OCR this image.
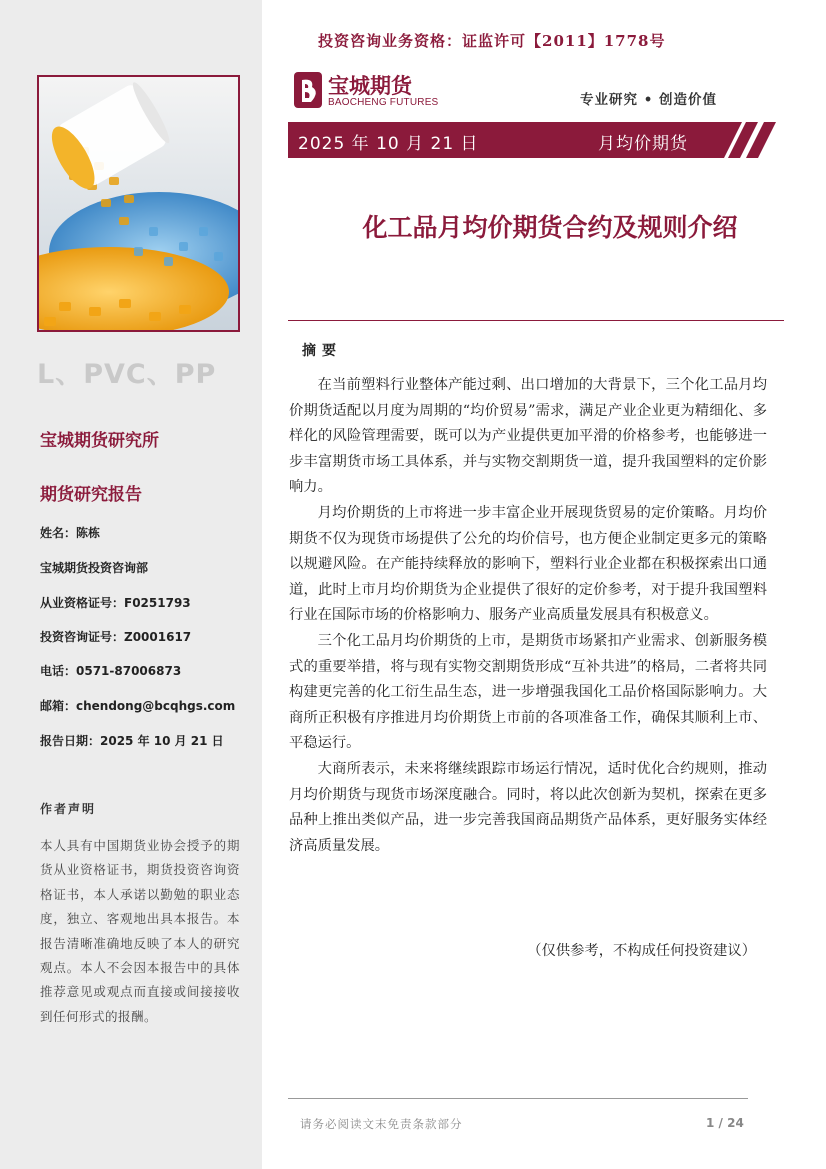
投资咨询业务资格：证监许可【2011】1778号
L、PVC、PP
宝城期货研究所
期货研究报告
姓名：陈栋
宝城期货投资咨询部
从业资格证号：F0251793
投资咨询证号：Z0001617
电话：0571-87006873
邮箱：chendong@bcqhgs.com
报告日期：2025 年 10 月 21 日
作者声明
本人具有中国期货业协会授予的期货从业资格证书，期货投资咨询资格证书，本人承诺以勤勉的职业态度，独立、客观地出具本报告。本报告清晰准确地反映了本人的研究观点。本人不会因本报告中的具体推荐意见或观点而直接或间接接收到任何形式的报酬。
宝城期货
BAOCHENG FUTURES	专业研究 • 创造价值
2025 年 10 月 21 日	月均价期货
化工品月均价期货合约及规则介绍
摘要

在当前塑料行业整体产能过剩、出口增加的大背景下，三个化工品月均价期货适配以月度为周期的“均价贸易”需求，满足产业企业更为精细化、多样化的风险管理需要，既可以为产业提供更加平滑的价格参考，也能够进一步丰富期货市场工具体系，并与实物交割期货一道，提升我国塑料的定价影响力。

月均价期货的上市将进一步丰富企业开展现货贸易的定价策略。月均价期货不仅为现货市场提供了公允的均价信号，也方便企业制定更多元的策略以规避风险。在产能持续释放的影响下，塑料行业企业都在积极探索出口通道，此时上市月均价期货为企业提供了很好的定价参考，对于提升我国塑料行业在国际市场的价格影响力、服务产业高质量发展具有积极意义。

三个化工品月均价期货的上市，是期货市场紧扣产业需求、创新服务模式的重要举措，将与现有实物交割期货形成“互补共进”的格局，二者将共同构建更完善的化工衍生品生态，进一步增强我国化工品价格国际影响力。大商所正积极有序推进月均价期货上市前的各项准备工作，确保其顺利上市、平稳运行。

大商所表示，未来将继续跟踪市场运行情况，适时优化合约规则，推动月均价期货与现货市场深度融合。同时，将以此次创新为契机，探索在更多品种上推出类似产品，进一步完善我国商品期货产品体系，更好服务实体经济高质量发展。

（仅供参考，不构成任何投资建议）
请务必阅读文末免责条款部分	1 / 24
